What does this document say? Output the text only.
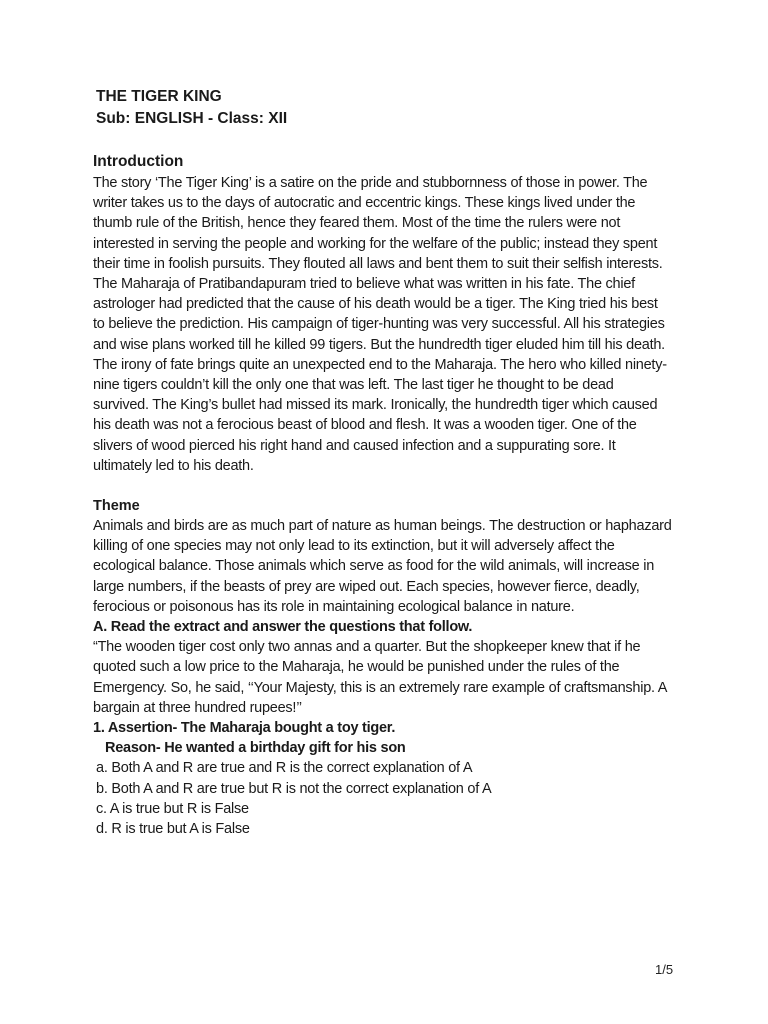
THE TIGER KING
Sub: ENGLISH - Class: XII
Introduction

The story ‘The Tiger King’ is a satire on the pride and stubbornness of those in power. The writer takes us to the days of autocratic and eccentric kings. These kings lived under the thumb rule of the British, hence they feared them. Most of the time the rulers were not interested in serving the people and working for the welfare of the public; instead they spent their time in foolish pursuits. They flouted all laws and bent them to suit their selfish interests. The Maharaja of Pratibandapuram tried to believe what was written in his fate. The chief astrologer had predicted that the cause of his death would be a tiger. The King tried his best to believe the prediction. His campaign of tiger-hunting was very successful. All his strategies and wise plans worked till he killed 99 tigers. But the hundredth tiger eluded him till his death. The irony of fate brings quite an unexpected end to the Maharaja. The hero who killed ninety-nine tigers couldn’t kill the only one that was left. The last tiger he thought to be dead survived. The King’s bullet had missed its mark. Ironically, the hundredth tiger which caused his death was not a ferocious beast of blood and flesh. It was a wooden tiger. One of the slivers of wood pierced his right hand and caused infection and a suppurating sore. It ultimately led to his death.

Theme

Animals and birds are as much part of nature as human beings. The destruction or haphazard killing of one species may not only lead to its extinction, but it will adversely affect the ecological balance. Those animals which serve as food for the wild animals, will increase in large numbers, if the beasts of prey are wiped out. Each species, however fierce, deadly, ferocious or poisonous has its role in maintaining ecological balance in nature.

A. Read the extract and answer the questions that follow.

“The wooden tiger cost only two annas and a quarter. But the shopkeeper knew that if he quoted such a low price to the Maharaja, he would be punished under the rules of the Emergency. So, he said, ‘‘Your Majesty, this is an extremely rare example of craftsmanship. A bargain at three hundred rupees!’’

1. Assertion- The Maharaja bought a toy tiger.
Reason- He wanted a birthday gift for his son
a. Both A and R are true and R is the correct explanation of A
b. Both A and R are true but R is not the correct explanation of A
c. A is true but R is False
d. R is true but A is False
1/5
